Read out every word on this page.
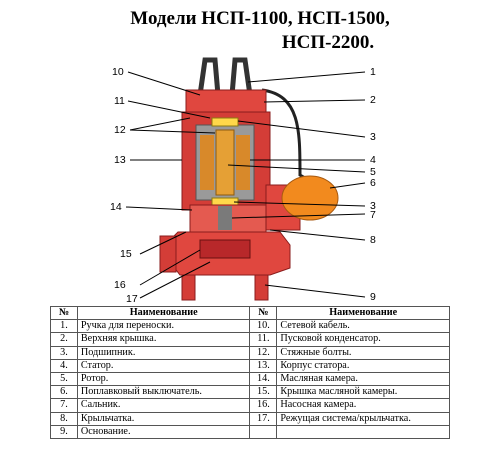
Модели НСП-1100, НСП-1500,
НСП-2200.
10
11
12
13
14
15
16
17
1
2
3
4
5
6
3
7
8
9
№	Наименование	№	Наименование
1.	Ручка для переноски.	10.	Сетевой кабель.
2.	Верхняя крышка.	11.	Пусковой конденсатор.
3.	Подшипник.	12.	Стяжные болты.
4.	Статор.	13.	Корпус статора.
5.	Ротор.	14.	Масляная камера.
6.	Поплавковый выключатель.	15.	Крышка масляной камеры.
7.	Сальник.	16.	Насосная камера.
8.	Крыльчатка.	17.	Режущая система/крыльчатка.
9.	Основание.		
